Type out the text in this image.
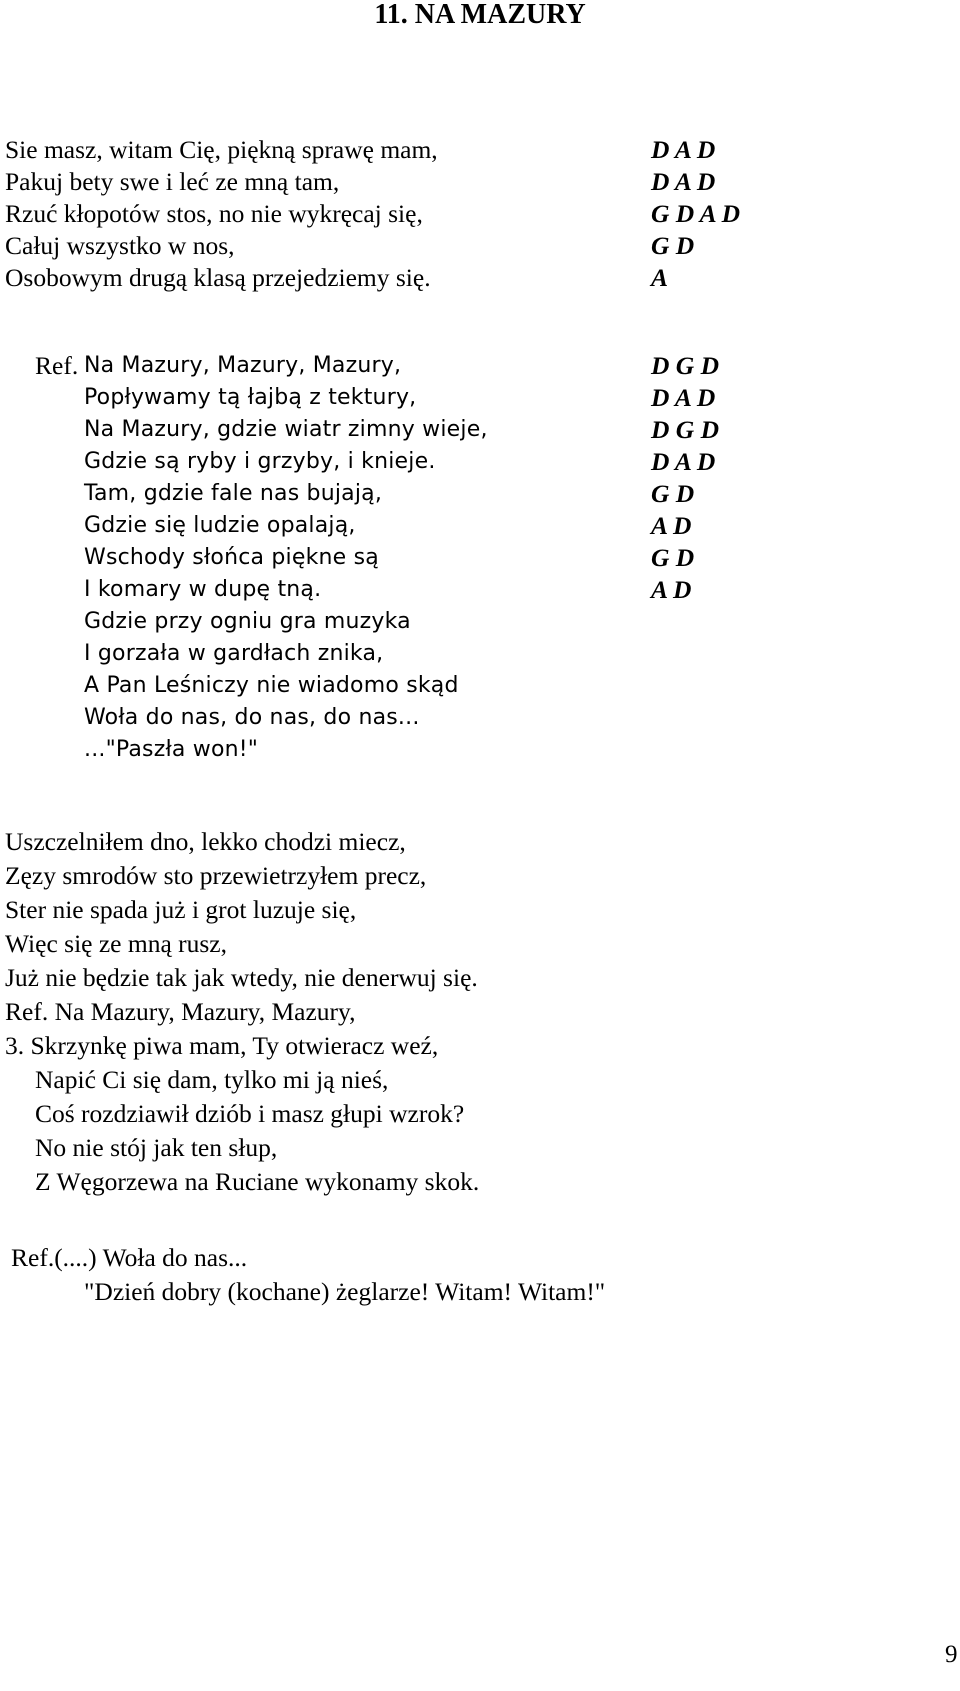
11. NA MAZURY
Sie masz, witam Cię, piękną sprawę mam,
Pakuj bety swe i leć ze mną tam,
Rzuć kłopotów stos, no nie wykręcaj się,
Całuj wszystko w nos,
Osobowym drugą klasą przejedziemy się.
D A D
D A D
G D A D
G D
A
Ref. Na Mazury, Mazury, Mazury,
Popływamy tą łajbą z tektury,
Na Mazury, gdzie wiatr zimny wieje,
Gdzie są ryby i grzyby, i knieje.
Tam, gdzie fale nas bujają,
Gdzie się ludzie opalają,
Wschody słońca piękne są
I komary w dupę tną.
Gdzie przy ogniu gra muzyka
I gorzała w gardłach znika,
A Pan Leśniczy nie wiadomo skąd
Woła do nas, do nas, do nas...
..."Paszła won!"
D G D
D A D
D G D
D A D
G D
A D
G D
A D
Uszczelniłem dno, lekko chodzi miecz,
Zęzy smrodów sto przewietrzyłem precz,
Ster nie spada już i grot luzuje się,
Więc się ze mną rusz,
Już nie będzie tak jak wtedy, nie denerwuj się.
Ref. Na Mazury, Mazury, Mazury,
3. Skrzynkę piwa mam, Ty otwieracz weź,
Napić Ci się dam, tylko mi ją nieś,
Coś rozdziawił dziób i masz głupi wzrok?
No nie stój jak ten słup,
Z Węgorzewa na Ruciane wykonamy skok.
Ref.(....) Woła do nas...
"Dzień dobry (kochane) żeglarze! Witam! Witam!"
9
